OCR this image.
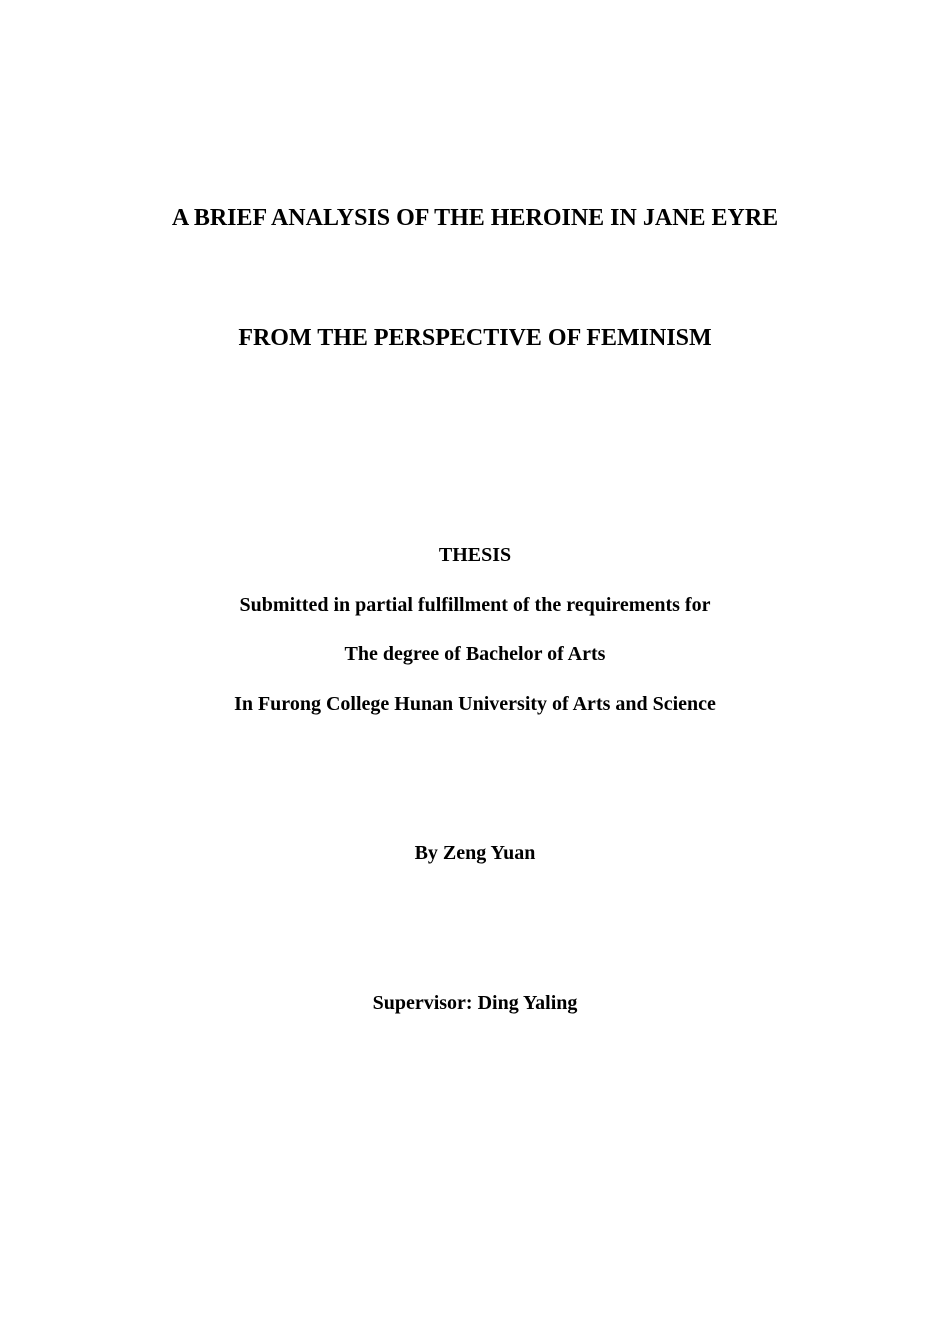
A BRIEF ANALYSIS OF THE HEROINE IN JANE EYRE
FROM THE PERSPECTIVE OF FEMINISM
THESIS
Submitted in partial fulfillment of the requirements for
The degree of Bachelor of Arts
In Furong College Hunan University of Arts and Science
By Zeng Yuan
Supervisor: Ding Yaling
